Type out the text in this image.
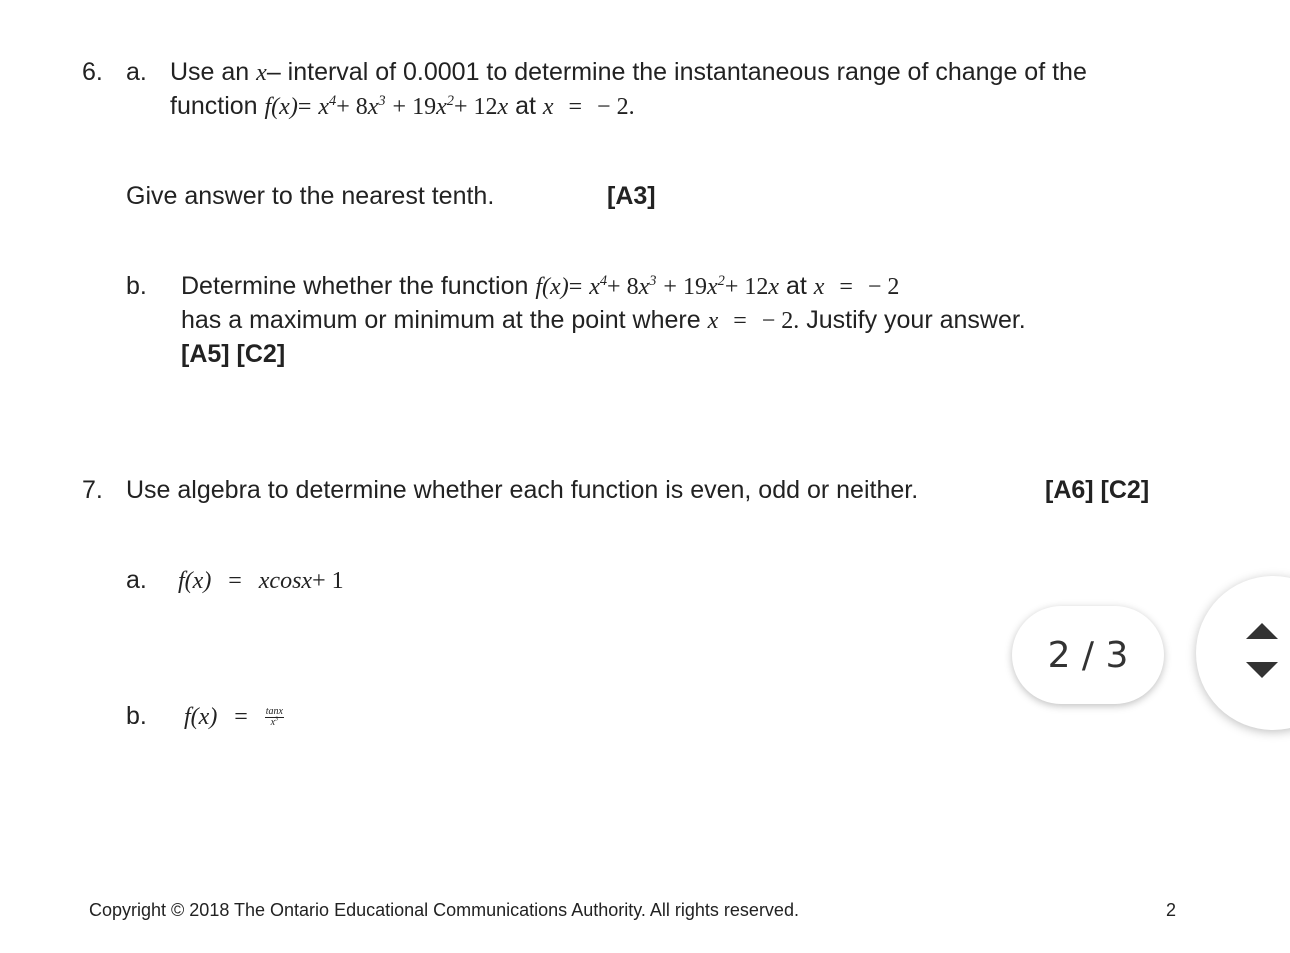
6. a. Use an x– interval of 0.0001 to determine the instantaneous range of change of the
function $f(x)= x^4+ 8x^3 + 19x^2+ 12x$ at x = − 2.
Give answer to the nearest tenth.	[A3]
b. Determine whether the function $f(x)= x^4+ 8x^3 + 19x^2+ 12x$ at x = − 2
has a maximum or minimum at the point where x = − 2. Justify your answer.
[A5] [C2]
7. Use algebra to determine whether each function is even, odd or neither.	[A6] [C2]
a. f(x) = xcosx+ 1
b. $f(x) = \frac{\tan x}{x^3}$
Copyright © 2018 The Ontario Educational Communications Authority. All rights reserved.	2
2 / 3
